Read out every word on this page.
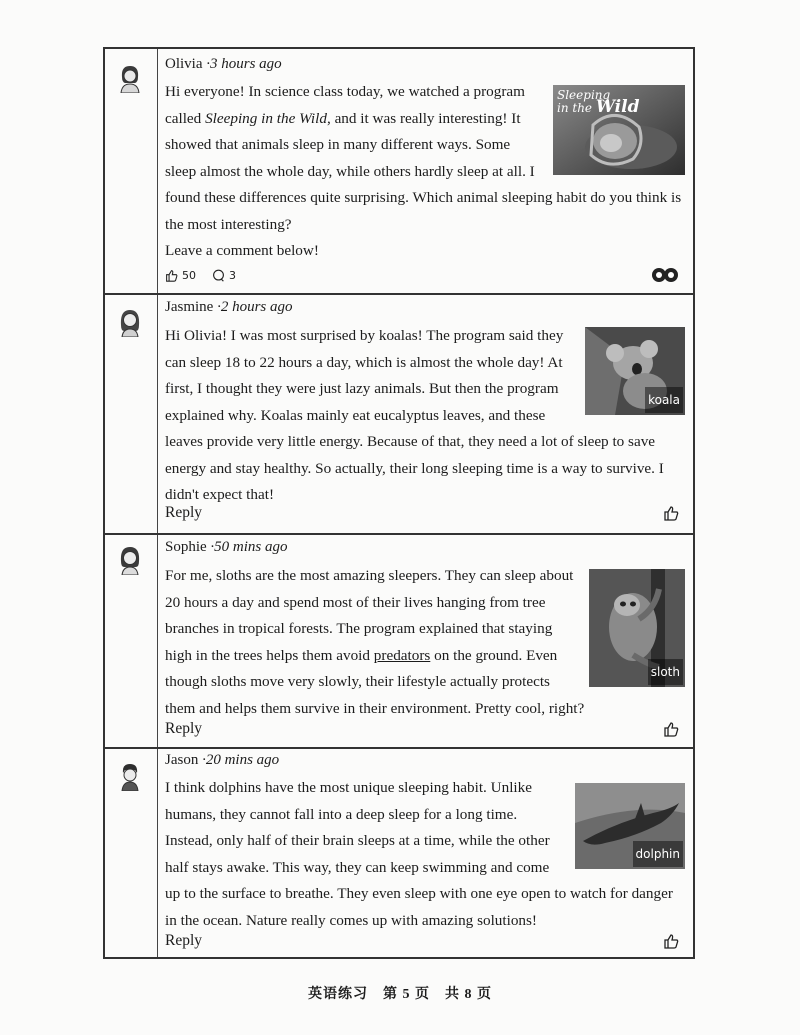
Olivia ·3 hours ago
Sleeping
in the Wild
Hi everyone! In science class today, we watched a program called Sleeping in the Wild, and it was really interesting! It showed that animals sleep in many different ways. Some sleep almost the whole day, while others hardly sleep at all. I found these differences quite surprising. Which animal sleeping habit do you think is the most interesting?
Leave a comment below!
50	3
Jasmine ·2 hours ago
koala
Hi Olivia! I was most surprised by koalas! The program said they can sleep 18 to 22 hours a day, which is almost the whole day! At first, I thought they were just lazy animals. But then the program explained why. Koalas mainly eat eucalyptus leaves, and these leaves provide very little energy. Because of that, they need a lot of sleep to save energy and stay healthy. So actually, their long sleeping time is a way to survive. I didn't expect that!
Reply
Sophie ·50 mins ago
sloth
For me, sloths are the most amazing sleepers. They can sleep about 20 hours a day and spend most of their lives hanging from tree branches in tropical forests. The program explained that staying high in the trees helps them avoid predators on the ground. Even though sloths move very slowly, their lifestyle actually protects them and helps them survive in their environment. Pretty cool, right?
Reply
Jason ·20 mins ago
dolphin
I think dolphins have the most unique sleeping habit. Unlike humans, they cannot fall into a deep sleep for a long time. Instead, only half of their brain sleeps at a time, while the other half stays awake. This way, they can keep swimming and come up to the surface to breathe. They even sleep with one eye open to watch for danger in the ocean. Nature really comes up with amazing solutions!
Reply
英语练习　第 5 页　共 8 页
